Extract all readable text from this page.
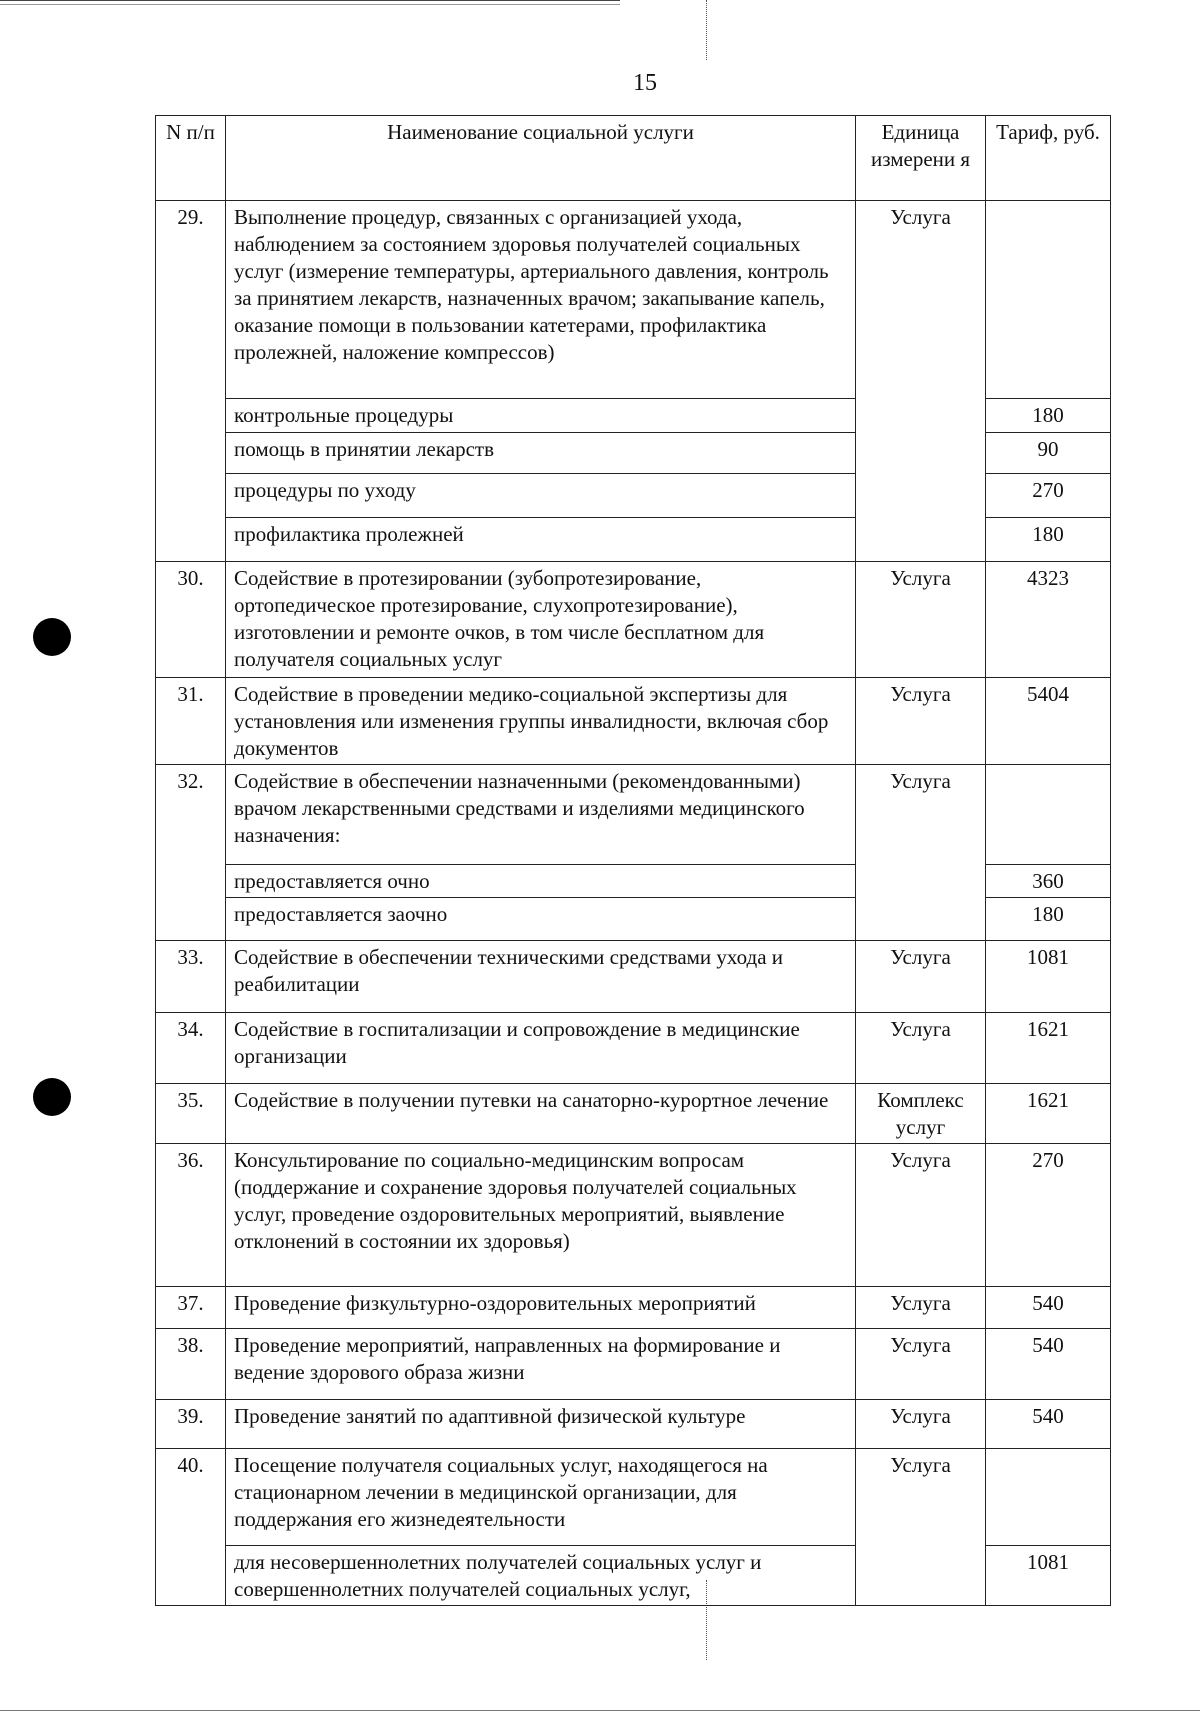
15
N п/п	Наименование социальной услуги	Единица измерени я	Тариф, руб.
29.	Выполнение процедур, связанных с организацией ухода, наблюдением за состоянием здоровья получателей социальных услуг (измерение температуры, артериального давления, контроль за принятием лекарств, назначенных врачом; закапывание капель, оказание помощи в пользовании катетерами, профилактика пролежней, наложение компрессов)	Услуга	
	контрольные процедуры		180
	помощь в принятии лекарств		90
	процедуры по уходу		270
	профилактика пролежней		180
30.	Содействие в протезировании (зубопротезирование, ортопедическое протезирование, слухопротезирование), изготовлении и ремонте очков, в том числе бесплатном для получателя социальных услуг	Услуга	4323
31.	Содействие в проведении медико-социальной экспертизы для установления или изменения группы инвалидности, включая сбор документов	Услуга	5404
32.	Содействие в обеспечении назначенными (рекомендованными) врачом лекарственными средствами и изделиями медицинского назначения:	Услуга	
	предоставляется очно		360
	предоставляется заочно		180
33.	Содействие в обеспечении техническими средствами ухода и реабилитации	Услуга	1081
34.	Содействие в госпитализации и сопровождение в медицинские организации	Услуга	1621
35.	Содействие в получении путевки на санаторно-курортное лечение	Комплекс услуг	1621
36.	Консультирование по социально-медицинским вопросам (поддержание и сохранение здоровья получателей социальных услуг, проведение оздоровительных мероприятий, выявление отклонений в состоянии их здоровья)	Услуга	270
37.	Проведение физкультурно-оздоровительных мероприятий	Услуга	540
38.	Проведение мероприятий, направленных на формирование и ведение здорового образа жизни	Услуга	540
39.	Проведение занятий по адаптивной физической культуре	Услуга	540
40.	Посещение получателя социальных услуг, находящегося на стационарном лечении в медицинской организации, для поддержания его жизнедеятельности	Услуга	
	для несовершеннолетних получателей социальных услуг и совершеннолетних получателей социальных услуг,		1081
